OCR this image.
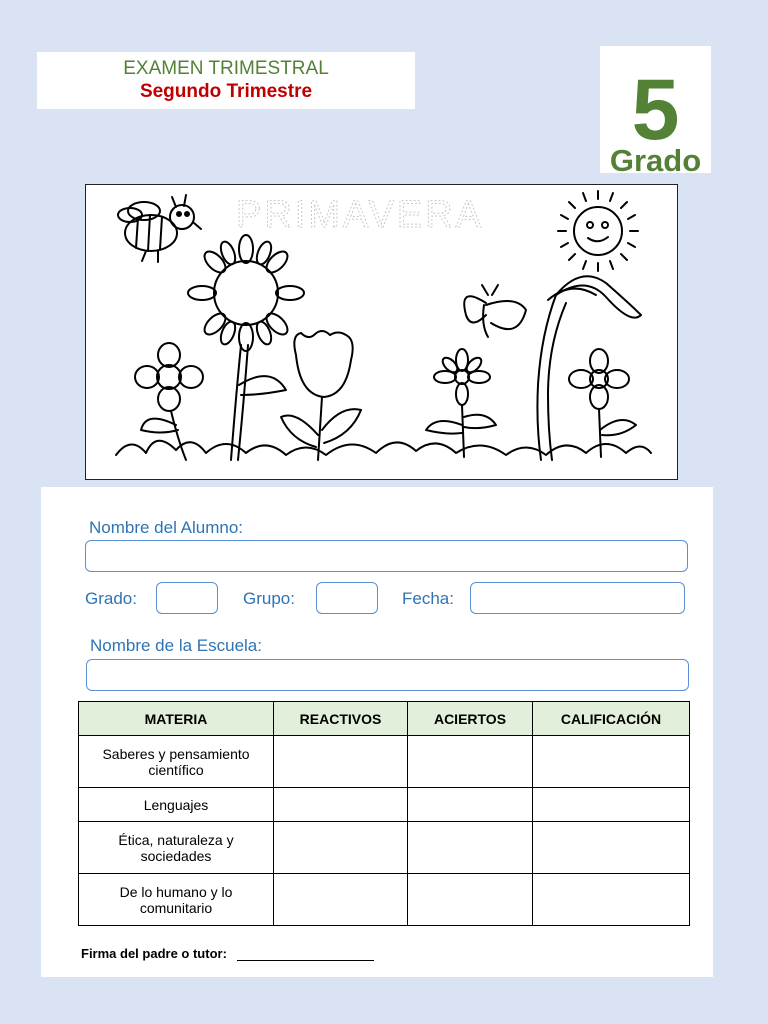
EXAMEN TRIMESTRAL
Segundo Trimestre	5
Grado
PRIMAVERA
Nombre del Alumno:
Grado:	Grupo:	Fecha:
Nombre de la Escuela:
MATERIA	REACTIVOS	ACIERTOS	CALIFICACIÓN
Saberes y pensamiento científico			
Lenguajes			
Ética, naturaleza y sociedades			
De lo humano y lo comunitario			
Firma del padre o tutor:
